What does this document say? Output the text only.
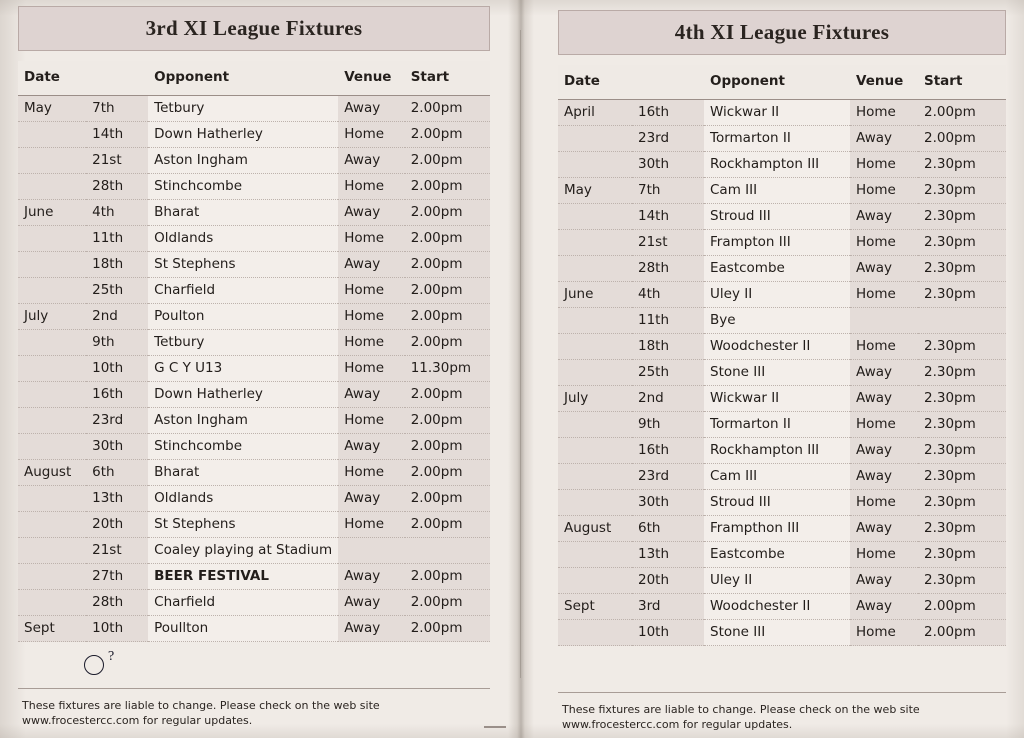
3rd XI League Fixtures
Date		Opponent	Venue	Start
May	7th	Tetbury	Away	2.00pm
	14th	Down Hatherley	Home	2.00pm
	21st	Aston Ingham	Away	2.00pm
	28th	Stinchcombe	Home	2.00pm
June	4th	Bharat	Away	2.00pm
	11th	Oldlands	Home	2.00pm
	18th	St Stephens	Away	2.00pm
	25th	Charfield	Home	2.00pm
July	2nd	Poulton	Home	2.00pm
	9th	Tetbury	Home	2.00pm
	10th	G C Y U13	Home	11.30pm
	16th	Down Hatherley	Away	2.00pm
	23rd	Aston Ingham	Home	2.00pm
	30th	Stinchcombe	Away	2.00pm
August	6th	Bharat	Home	2.00pm
	13th	Oldlands	Away	2.00pm
	20th	St Stephens	Home	2.00pm
	21st	Coaley playing at Stadium		
	27th	BEER FESTIVAL	Away	2.00pm
	28th	Charfield	Away	2.00pm
Sept	10th	Poullton	Away	2.00pm
?
These fixtures are liable to change. Please check on the web site
www.frocestercc.com for regular updates.
4th XI League Fixtures
Date		Opponent	Venue	Start
April	16th	Wickwar II	Home	2.00pm
	23rd	Tormarton II	Away	2.00pm
	30th	Rockhampton III	Home	2.30pm
May	7th	Cam III	Home	2.30pm
	14th	Stroud III	Away	2.30pm
	21st	Frampton III	Home	2.30pm
	28th	Eastcombe	Away	2.30pm
June	4th	Uley II	Home	2.30pm
	11th	Bye		
	18th	Woodchester II	Home	2.30pm
	25th	Stone III	Away	2.30pm
July	2nd	Wickwar II	Away	2.30pm
	9th	Tormarton II	Home	2.30pm
	16th	Rockhampton III	Away	2.30pm
	23rd	Cam III	Away	2.30pm
	30th	Stroud III	Home	2.30pm
August	6th	Frampthon III	Away	2.30pm
	13th	Eastcombe	Home	2.30pm
	20th	Uley II	Away	2.30pm
Sept	3rd	Woodchester II	Away	2.00pm
	10th	Stone III	Home	2.00pm
These fixtures are liable to change. Please check on the web site
www.frocestercc.com for regular updates.
